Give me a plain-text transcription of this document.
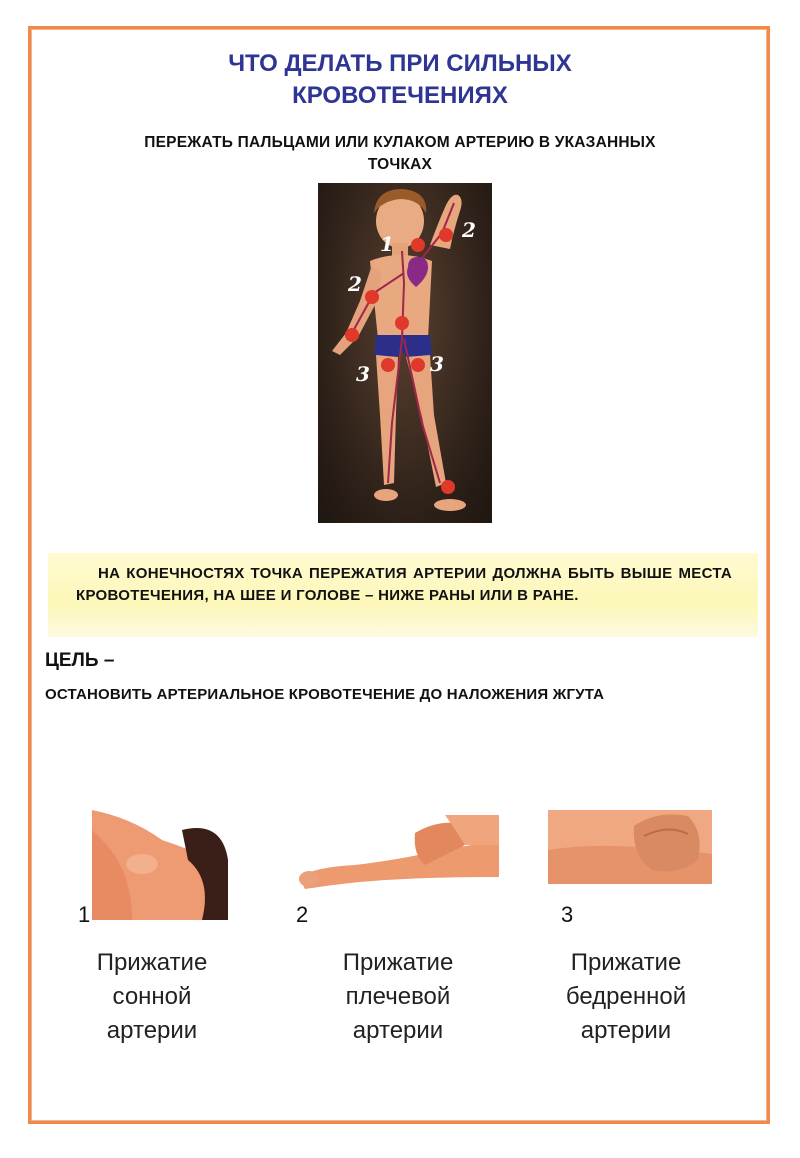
ЧТО ДЕЛАТЬ ПРИ СИЛЬНЫХ
КРОВОТЕЧЕНИЯХ
ПЕРЕЖАТЬ ПАЛЬЦАМИ ИЛИ КУЛАКОМ АРТЕРИЮ В УКАЗАННЫХ
ТОЧКАХ
1
2
2
3	3

НА КОНЕЧНОСТЯХ ТОЧКА ПЕРЕЖАТИЯ АРТЕРИИ ДОЛЖНА БЫТЬ ВЫШЕ МЕСТА КРОВОТЕЧЕНИЯ, НА ШЕЕ И ГОЛОВЕ – НИЖЕ РАНЫ ИЛИ В РАНЕ.

ЦЕЛЬ –
ОСТАНОВИТЬ АРТЕРИАЛЬНОЕ КРОВОТЕЧЕНИЕ ДО НАЛОЖЕНИЯ ЖГУТА
1
Прижатие
сонной
артерии
2
Прижатие
плечевой
артерии
3
Прижатие
бедренной
артерии
